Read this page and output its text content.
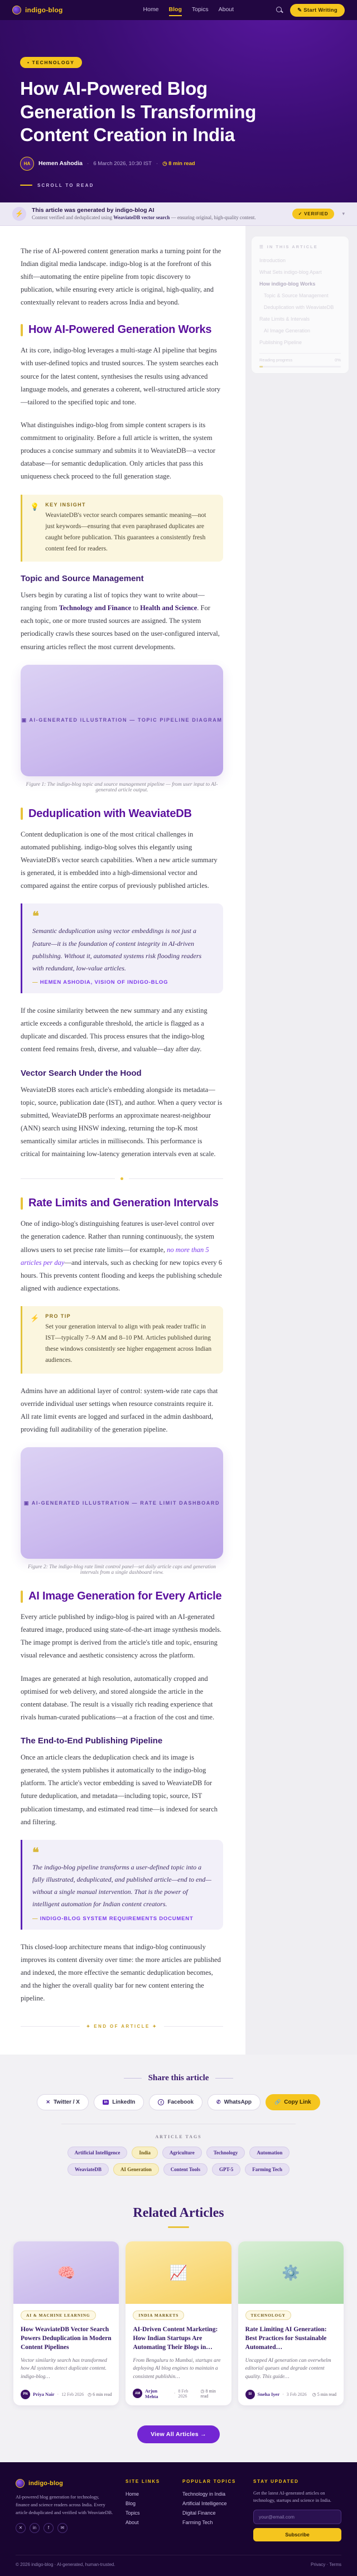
indigo-blog	Home Blog Topics About	✎ Start Writing
• TECHNOLOGY
How AI-Powered Blog Generation Is Transforming Content Creation in India
HA	Hemen Ashodia · 6 March 2026, 10:30 IST · ◷ 8 min read
SCROLL TO READ
⚡	This article was generated by indigo-blog AI
Content verified and deduplicated using WeaviateDB vector search — ensuring original, high-quality content.
✓ VERIFIED	▾

The rise of AI-powered content generation marks a turning point for the Indian digital media landscape. indigo-blog is at the forefront of this shift—automating the entire pipeline from topic discovery to publication, while ensuring every article is original, high-quality, and contextually relevant to readers across India and beyond.

How AI-Powered Generation Works

At its core, indigo-blog leverages a multi-stage AI pipeline that begins with user-defined topics and trusted sources. The system searches each source for the latest content, synthesises the results using advanced language models, and generates a coherent, well-structured article story—tailored to the specified topic and tone.

What distinguishes indigo-blog from simple content scrapers is its commitment to originality. Before a full article is written, the system produces a concise summary and submits it to WeaviateDB—a vector database—for semantic deduplication. Only articles that pass this uniqueness check proceed to the full generation stage.

💡 KEY INSIGHT
WeaviateDB's vector search compares semantic meaning—not just keywords—ensuring that even paraphrased duplicates are caught before publication. This guarantees a consistently fresh content feed for readers.
Topic and Source Management

Users begin by curating a list of topics they want to write about—ranging from Technology and Finance to Health and Science. For each topic, one or more trusted sources are assigned. The system periodically crawls these sources based on the user-configured interval, ensuring articles reflect the most current developments.

▣ AI-GENERATED ILLUSTRATION — TOPIC PIPELINE DIAGRAM
Figure 1: The indigo-blog topic and source management pipeline — from user input to AI-generated article output.
Deduplication with WeaviateDB

Content deduplication is one of the most critical challenges in automated publishing. indigo-blog solves this elegantly using WeaviateDB's vector search capabilities. When a new article summary is generated, it is embedded into a high-dimensional vector and compared against the entire corpus of previously published articles.

❝
Semantic deduplication using vector embeddings is not just a feature—it is the foundation of content integrity in AI-driven publishing. Without it, automated systems risk flooding readers with redundant, low-value articles.
— HEMEN ASHODIA, VISION OF INDIGO-BLOG

If the cosine similarity between the new summary and any existing article exceeds a configurable threshold, the article is flagged as a duplicate and discarded. This process ensures that the indigo-blog content feed remains fresh, diverse, and valuable—day after day.

Vector Search Under the Hood

WeaviateDB stores each article's embedding alongside its metadata—topic, source, publication date (IST), and author. When a query vector is submitted, WeaviateDB performs an approximate nearest-neighbour (ANN) search using HNSW indexing, returning the top-K most semantically similar articles in milliseconds. This performance is critical for maintaining low-latency generation intervals even at scale.

Rate Limits and Generation Intervals

One of indigo-blog's distinguishing features is user-level control over the generation cadence. Rather than running continuously, the system allows users to set precise rate limits—for example, no more than 5 articles per day—and intervals, such as checking for new topics every 6 hours. This prevents content flooding and keeps the publishing schedule aligned with audience expectations.

⚡ PRO TIP
Set your generation interval to align with peak reader traffic in IST—typically 7–9 AM and 8–10 PM. Articles published during these windows consistently see higher engagement across Indian audiences.

Admins have an additional layer of control: system-wide rate caps that override individual user settings when resource constraints require it. All rate limit events are logged and surfaced in the admin dashboard, providing full auditability of the generation pipeline.

▣ AI-GENERATED ILLUSTRATION — RATE LIMIT DASHBOARD
Figure 2: The indigo-blog rate limit control panel—set daily article caps and generation intervals from a single dashboard view.
AI Image Generation for Every Article

Every article published by indigo-blog is paired with an AI-generated featured image, produced using state-of-the-art image synthesis models. The image prompt is derived from the article's title and topic, ensuring visual relevance and aesthetic consistency across the platform.

Images are generated at high resolution, automatically cropped and optimised for web delivery, and stored alongside the article in the content database. The result is a visually rich reading experience that rivals human-curated publications—at a fraction of the cost and time.

The End-to-End Publishing Pipeline

Once an article clears the deduplication check and its image is generated, the system publishes it automatically to the indigo-blog platform. The article's vector embedding is saved to WeaviateDB for future deduplication, and metadata—including topic, source, IST publication timestamp, and estimated read time—is indexed for search and filtering.

❝
The indigo-blog pipeline transforms a user-defined topic into a fully illustrated, deduplicated, and published article—end to end—without a single manual intervention. That is the power of intelligent automation for Indian content creators.
— INDIGO-BLOG SYSTEM REQUIREMENTS DOCUMENT

This closed-loop architecture means that indigo-blog continuously improves its content diversity over time: the more articles are published and indexed, the more effective the semantic deduplication becomes, and the higher the overall quality bar for new content entering the pipeline.

✦ END OF ARTICLE ✦
☰ IN THIS ARTICLE
Introduction
What Sets indigo-blog Apart
How indigo-blog Works
Topic & Source Management
Deduplication with WeaviateDB
Rate Limits & Intervals
AI Image Generation
Publishing Pipeline
Reading progress	0%
Share this article
✕ Twitter / X	in LinkedIn	f	Facebook	✆ WhatsApp	🔗 Copy Link
ARTICLE TAGS
Artificial Intelligence	India	Agriculture	Technology	Automation
WeaviateDB	AI Generation	Content Tools	GPT-5	Farming Tech
Related Articles
🧠
AI & MACHINE LEARNING
How WeaviateDB Vector Search Powers Deduplication in Modern Content Pipelines
Vector similarity search has transformed how AI systems detect duplicate content. indigo-blog…
PN	Priya Nair · 12 Feb 2026 ◷ 6 min read
📈
INDIA MARKETS
AI-Driven Content Marketing: How Indian Startups Are Automating Their Blogs in…
From Bengaluru to Mumbai, startups are deploying AI blog engines to maintain a consistent publishin…
AM	Arjun Mehta	· 8 Feb 2026
◷ 8 min read
⚙️
TECHNOLOGY
Rate Limiting AI Generation: Best Practices for Sustainable Automated…
Uncapped AI generation can overwhelm editorial queues and degrade content quality. This guide…
SI	Sneha Iyer · 3 Feb 2026 ◷ 5 min read
View All Articles →
indigo-blog
AI-powered blog generation for technology, finance and science readers across India. Every article deduplicated and verified with WeaviateDB.
✕	in	f	✉
SITE LINKS
Home
Blog
Topics
About
POPULAR TOPICS
Technology in India
Artificial Intelligence
Digital Finance
Farming Tech
STAY UPDATED
Get the latest AI-generated articles on technology, startups and science in India.
your@email.com Subscribe
© 2026 indigo-blog · AI-generated, human-trusted.	Privacy · Terms
